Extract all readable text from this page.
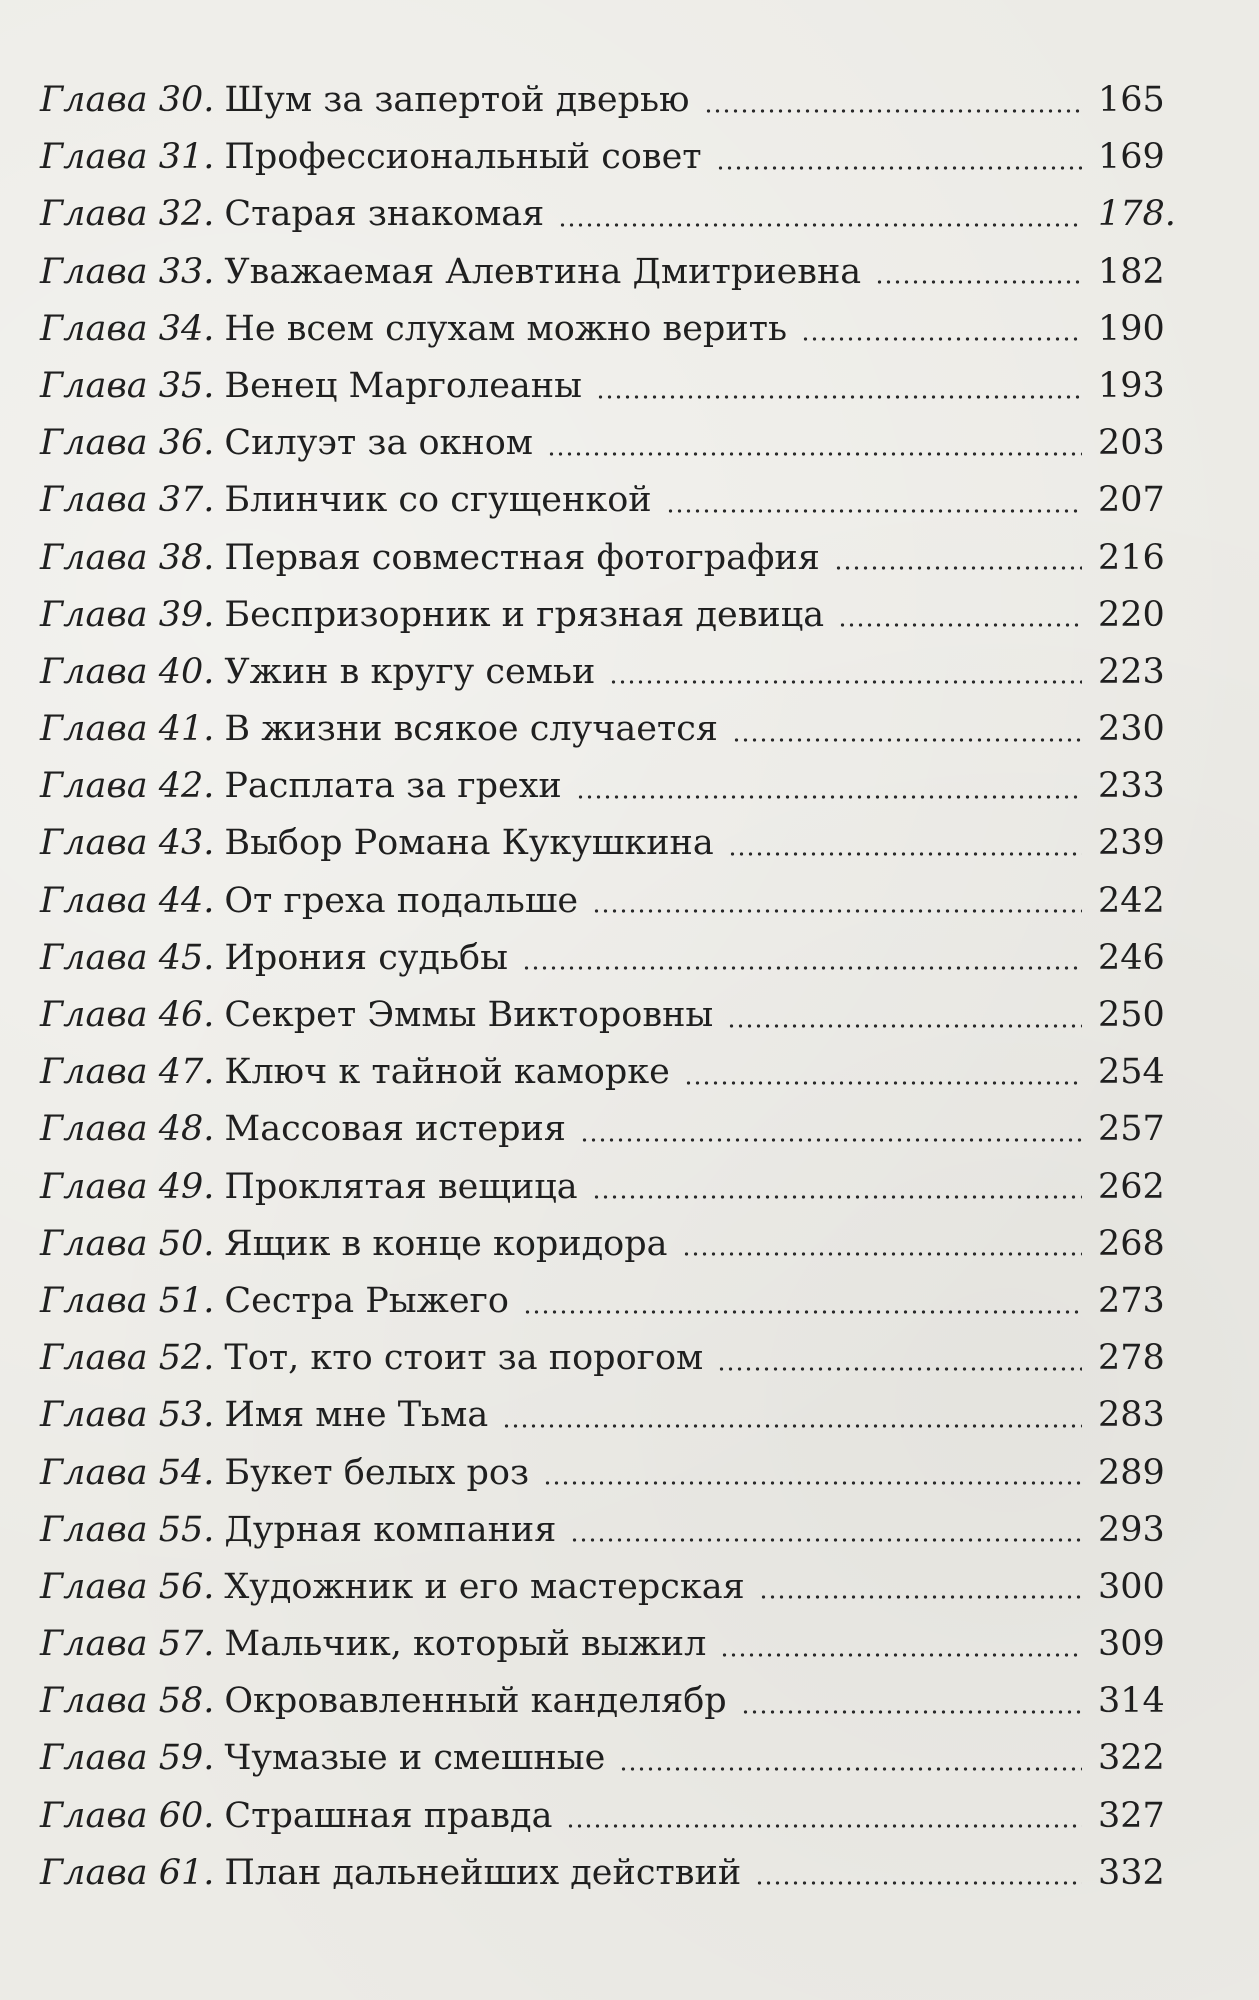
Глава 30. Шум за запертой дверью	165
Глава 31. Профессиональный совет	169
Глава 32. Старая знакомая	178.
Глава 33. Уважаемая Алевтина Дмитриевна	182
Глава 34. Не всем слухам можно верить	190
Глава 35. Венец Марголеаны	193
Глава 36. Силуэт за окном	203
Глава 37. Блинчик со сгущенкой	207
Глава 38. Первая совместная фотография	216
Глава 39. Беспризорник и грязная девица	220
Глава 40. Ужин в кругу семьи	223
Глава 41. В жизни всякое случается	230
Глава 42. Расплата за грехи	233
Глава 43. Выбор Романа Кукушкина	239
Глава 44. От греха подальше	242
Глава 45. Ирония судьбы	246
Глава 46. Секрет Эммы Викторовны	250
Глава 47. Ключ к тайной каморке	254
Глава 48. Массовая истерия	257
Глава 49. Проклятая вещица	262
Глава 50. Ящик в конце коридора	268
Глава 51. Сестра Рыжего	273
Глава 52. Тот, кто стоит за порогом	278
Глава 53. Имя мне Тьма	283
Глава 54. Букет белых роз	289
Глава 55. Дурная компания	293
Глава 56. Художник и его мастерская	300
Глава 57. Мальчик, который выжил	309
Глава 58. Окровавленный канделябр	314
Глава 59. Чумазые и смешные	322
Глава 60. Страшная правда	327
Глава 61. План дальнейших действий	332
